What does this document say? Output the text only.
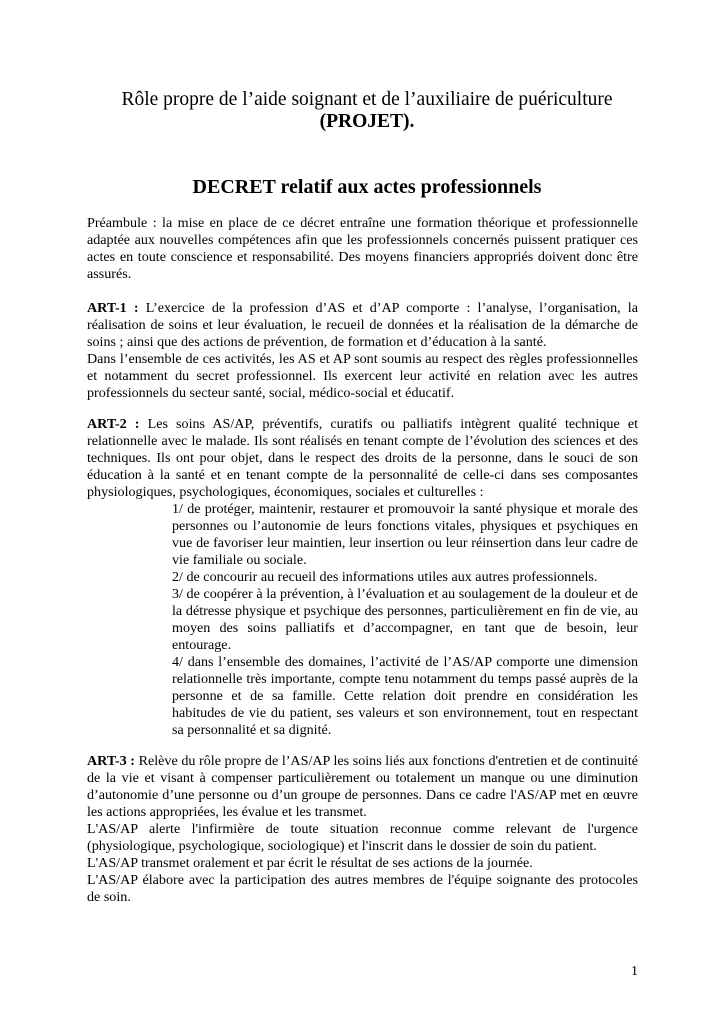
Rôle propre de l’aide soignant et de l’auxiliaire de puériculture
(PROJET).
DECRET relatif aux actes professionnels

Préambule : la mise en place de ce décret entraîne une formation théorique et professionnelle adaptée aux nouvelles compétences afin que les professionnels concernés puissent pratiquer ces actes en toute conscience et responsabilité. Des moyens financiers appropriés doivent donc être assurés.

ART-1 : L’exercice de la profession d’AS et d’AP comporte : l’analyse, l’organisation, la réalisation de soins et leur évaluation, le recueil de données et la réalisation de la démarche de soins ; ainsi que des actions de prévention, de formation et d’éducation à la santé.

Dans l’ensemble de ces activités, les AS et AP sont soumis au respect des règles professionnelles et notamment du secret professionnel. Ils exercent leur activité en relation avec les autres professionnels du secteur santé, social, médico-social et éducatif.

ART-2 : Les soins AS/AP, préventifs, curatifs ou palliatifs intègrent qualité technique et relationnelle avec le malade. Ils sont réalisés en tenant compte de l’évolution des sciences et des techniques. Ils ont pour objet, dans le respect des droits de la personne, dans le souci de son éducation à la santé et en tenant compte de la personnalité de celle-ci dans ses composantes physiologiques, psychologiques, économiques, sociales et culturelles :

1/ de protéger, maintenir, restaurer et promouvoir la santé physique et morale des personnes ou l’autonomie de leurs fonctions vitales, physiques et psychiques en vue de favoriser leur maintien, leur insertion ou leur réinsertion dans leur cadre de vie familiale ou sociale.

2/ de concourir au recueil des informations utiles aux autres professionnels.

3/ de coopérer à la prévention, à l’évaluation et au soulagement de la douleur et de la détresse physique et psychique des personnes, particulièrement en fin de vie, au moyen des soins palliatifs et d’accompagner, en tant que de besoin, leur entourage.

4/ dans l’ensemble des domaines, l’activité de l’AS/AP comporte une dimension relationnelle très importante, compte tenu notamment du temps passé auprès de la personne et de sa famille. Cette relation doit prendre en considération les habitudes de vie du patient, ses valeurs et son environnement, tout en respectant sa personnalité et sa dignité.

ART-3 : Relève du rôle propre de l’AS/AP les soins liés aux fonctions d'entretien et de continuité de la vie et visant à compenser particulièrement ou totalement un manque ou une diminution d’autonomie d’une personne ou d’un groupe de personnes. Dans ce cadre l'AS/AP met en œuvre les actions appropriées, les évalue et les transmet.

L'AS/AP alerte l'infirmière de toute situation reconnue comme relevant de l'urgence (physiologique, psychologique, sociologique) et l'inscrit dans le dossier de soin du patient.

L'AS/AP transmet oralement et par écrit le résultat de ses actions de la journée.

L'AS/AP élabore avec la participation des autres membres de l'équipe soignante des protocoles de soin.

1
